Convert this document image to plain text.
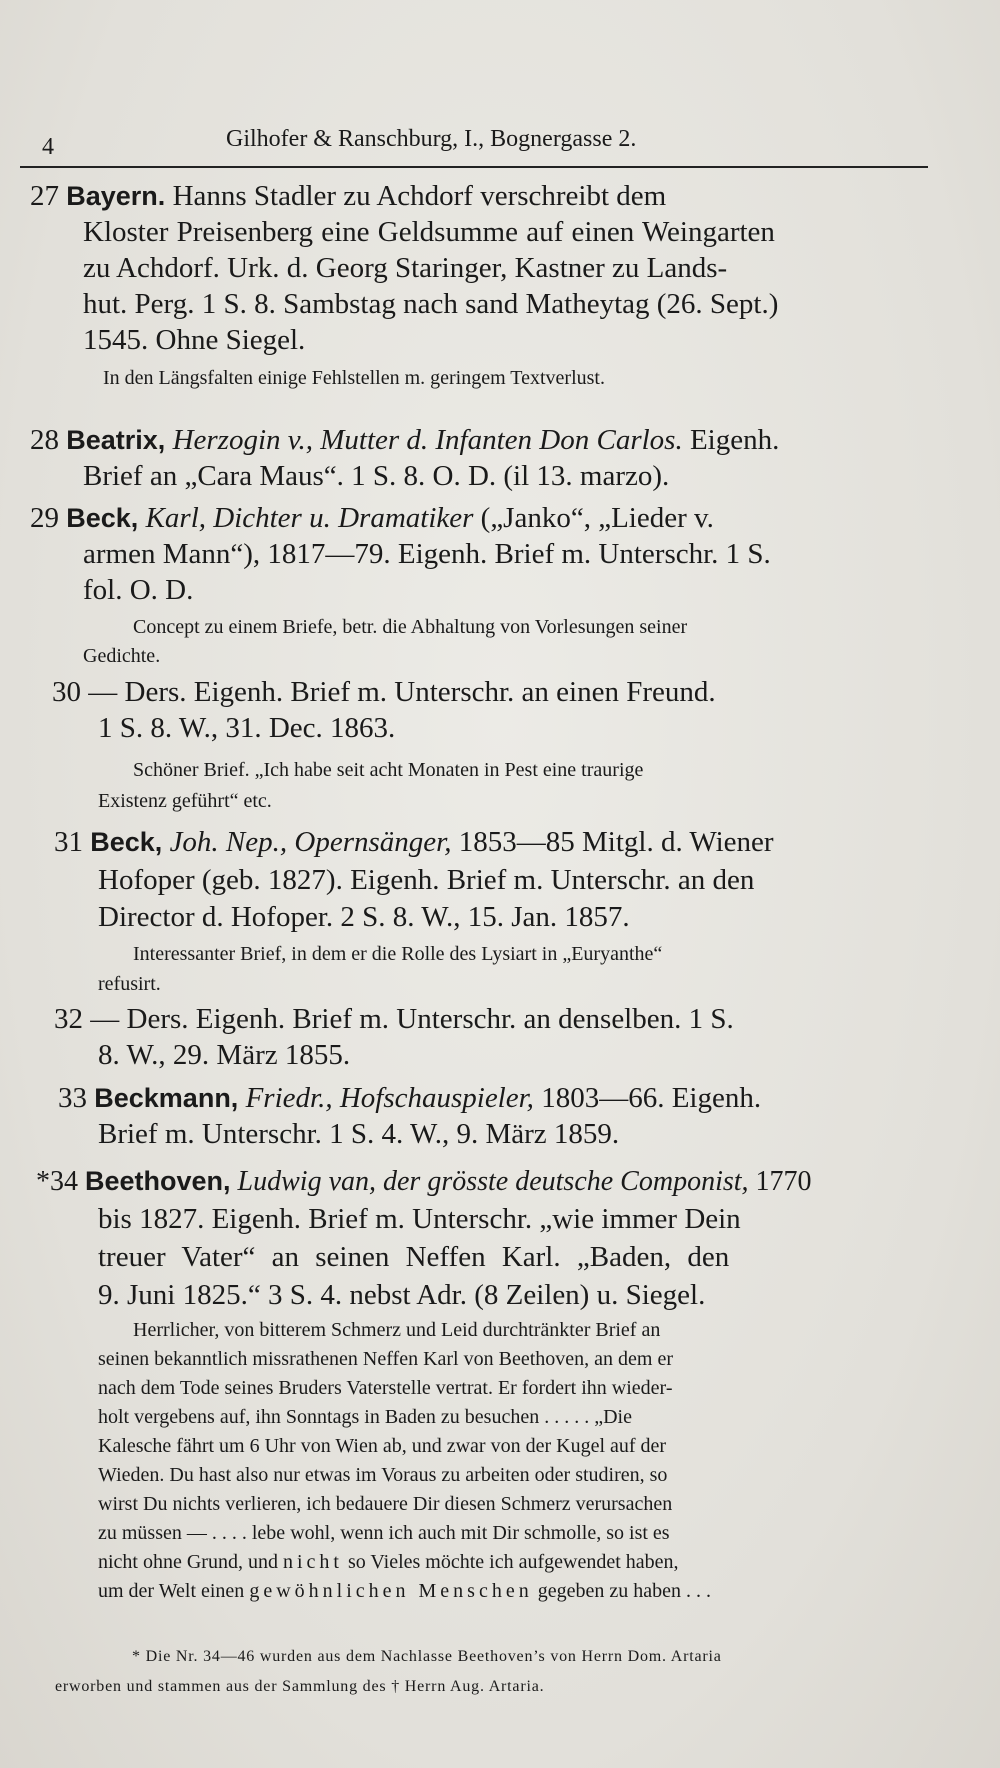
4	Gilhofer & Ranschburg, I., Bognergasse 2.
27 Bayern. Hanns Stadler zu Achdorf verschreibt dem
Kloster Preisenberg eine Geldsumme auf einen Weingarten
zu Achdorf. Urk. d. Georg Staringer, Kastner zu Lands-
hut. Perg. 1 S. 8. Sambstag nach sand Matheytag (26. Sept.)
1545. Ohne Siegel.
In den Längsfalten einige Fehlstellen m. geringem Textverlust.
28 Beatrix, Herzogin v., Mutter d. Infanten Don Carlos. Eigenh.
Brief an „Cara Maus“. 1 S. 8. O. D. (il 13. marzo).
29 Beck, Karl, Dichter u. Dramatiker („Janko“, „Lieder v.
armen Mann“), 1817—79. Eigenh. Brief m. Unterschr. 1 S.
fol. O. D.
Concept zu einem Briefe, betr. die Abhaltung von Vorlesungen seiner
Gedichte.
30 — Ders. Eigenh. Brief m. Unterschr. an einen Freund.
1 S. 8. W., 31. Dec. 1863.
Schöner Brief. „Ich habe seit acht Monaten in Pest eine traurige
Existenz geführt“ etc.
31 Beck, Joh. Nep., Opernsänger, 1853—85 Mitgl. d. Wiener
Hofoper (geb. 1827). Eigenh. Brief m. Unterschr. an den
Director d. Hofoper. 2 S. 8. W., 15. Jan. 1857.
Interessanter Brief, in dem er die Rolle des Lysiart in „Euryanthe“
refusirt.
32 — Ders. Eigenh. Brief m. Unterschr. an denselben. 1 S.
8. W., 29. März 1855.
33 Beckmann, Friedr., Hofschauspieler, 1803—66. Eigenh.
Brief m. Unterschr. 1 S. 4. W., 9. März 1859.
*34 Beethoven, Ludwig van, der grösste deutsche Componist, 1770
bis 1827. Eigenh. Brief m. Unterschr. „wie immer Dein
treuer Vater“ an seinen Neffen Karl. „Baden, den
9. Juni 1825.“ 3 S. 4. nebst Adr. (8 Zeilen) u. Siegel.
Herrlicher, von bitterem Schmerz und Leid durchtränkter Brief an
seinen bekanntlich missrathenen Neffen Karl von Beethoven, an dem er
nach dem Tode seines Bruders Vaterstelle vertrat. Er fordert ihn wieder-
holt vergebens auf, ihn Sonntags in Baden zu besuchen . . . . . „Die
Kalesche fährt um 6 Uhr von Wien ab, und zwar von der Kugel auf der
Wieden. Du hast also nur etwas im Voraus zu arbeiten oder studiren, so
wirst Du nichts verlieren, ich bedauere Dir diesen Schmerz verursachen
zu müssen — . . . . lebe wohl, wenn ich auch mit Dir schmolle, so ist es
nicht ohne Grund, und nicht so Vieles möchte ich aufgewendet haben,
um der Welt einen gewöhnlichen Menschen gegeben zu haben . . .
* Die Nr. 34—46 wurden aus dem Nachlasse Beethoven’s von Herrn Dom. Artaria
erworben und stammen aus der Sammlung des † Herrn Aug. Artaria.
